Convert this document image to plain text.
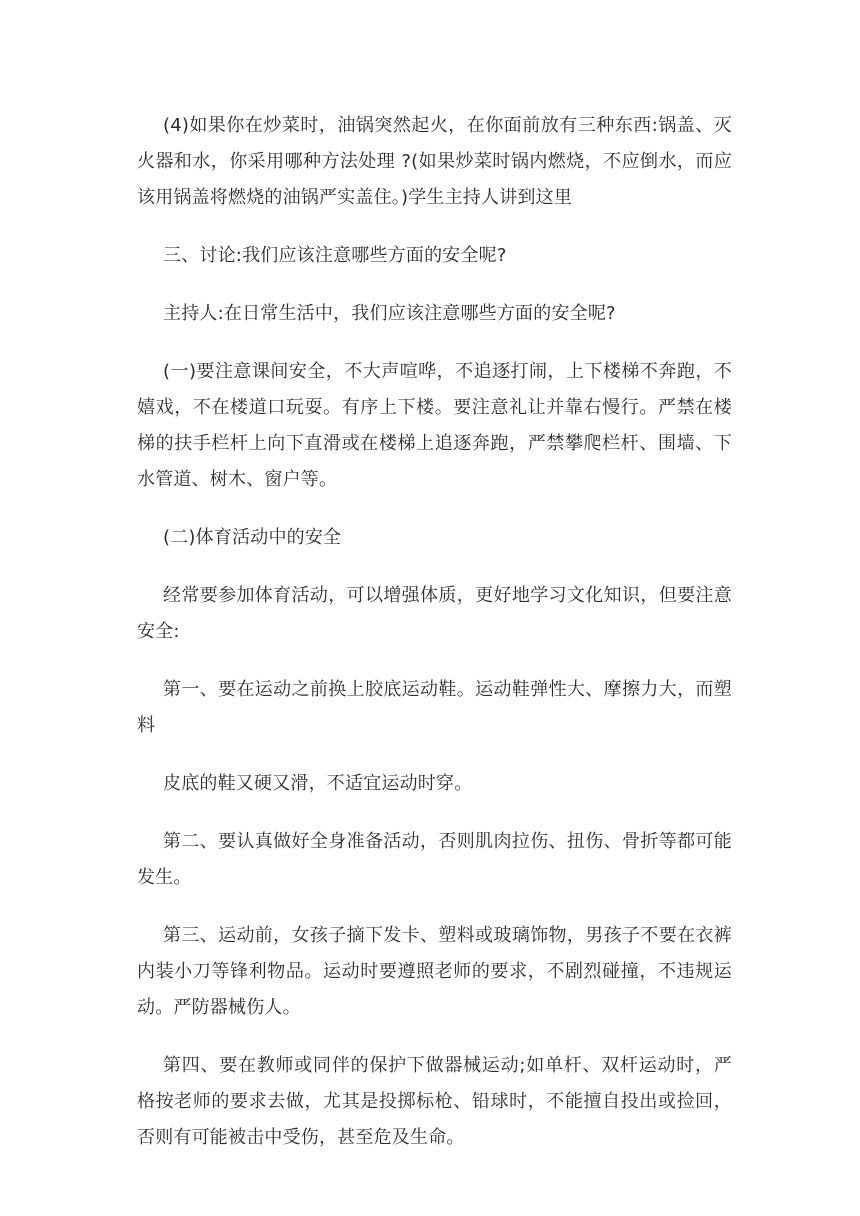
(4)如果你在炒菜时，油锅突然起火，在你面前放有三种东西:锅盖、灭火器和水，你采用哪种方法处理 ?(如果炒菜时锅内燃烧，不应倒水，而应该用锅盖将燃烧的油锅严实盖住。)学生主持人讲到这里

三、讨论:我们应该注意哪些方面的安全呢?

主持人:在日常生活中，我们应该注意哪些方面的安全呢?

(一)要注意课间安全，不大声喧哗，不追逐打闹，上下楼梯不奔跑，不嬉戏，不在楼道口玩耍。有序上下楼。要注意礼让并靠右慢行。严禁在楼梯的扶手栏杆上向下直滑或在楼梯上追逐奔跑，严禁攀爬栏杆、围墙、下水管道、树木、窗户等。

(二)体育活动中的安全

经常要参加体育活动，可以增强体质，更好地学习文化知识，但要注意安全:

第一、要在运动之前换上胶底运动鞋。运动鞋弹性大、摩擦力大，而塑料

皮底的鞋又硬又滑，不适宜运动时穿。

第二、要认真做好全身准备活动，否则肌肉拉伤、扭伤、骨折等都可能发生。

第三、运动前，女孩子摘下发卡、塑料或玻璃饰物，男孩子不要在衣裤内装小刀等锋利物品。运动时要遵照老师的要求，不剧烈碰撞，不违规运动。严防器械伤人。

第四、要在教师或同伴的保护下做器械运动;如单杆、双杆运动时，严格按老师的要求去做，尤其是投掷标枪、铅球时，不能擅自投出或捡回，否则有可能被击中受伤，甚至危及生命。
